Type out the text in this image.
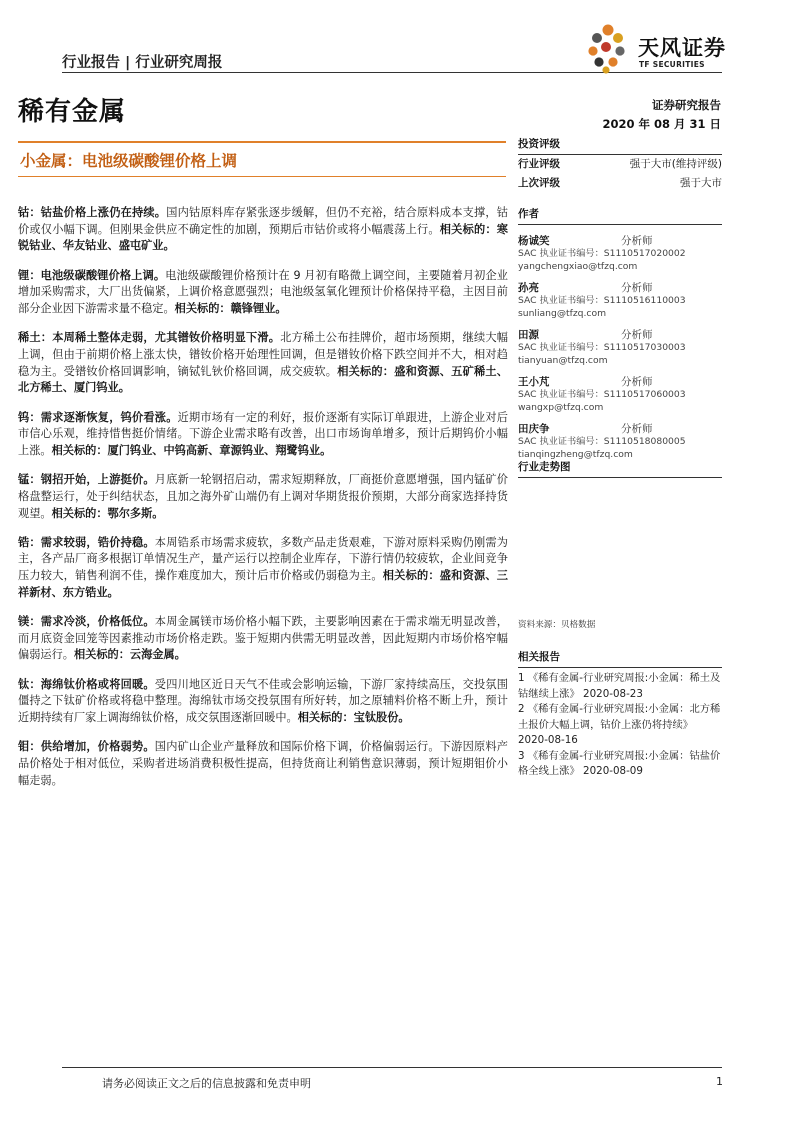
行业报告 | 行业研究周报
稀有金属
天风证券
TF SECURITIES
证券研究报告
2020 年 08 月 31 日
小金属：电池级碳酸锂价格上调

钴：钴盐价格上涨仍在持续。国内钴原料库存紧张逐步缓解，但仍不充裕，结合原料成本支撑，钴价或仅小幅下调。但刚果金供应不确定性的加剧，预期后市钴价或将小幅震荡上行。相关标的：寒锐钴业、华友钴业、盛屯矿业。

锂：电池级碳酸锂价格上调。电池级碳酸锂价格预计在 9 月初有略微上调空间，主要随着月初企业增加采购需求，大厂出货偏紧，上调价格意愿强烈；电池级氢氧化锂预计价格保持平稳，主因目前部分企业因下游需求量不稳定。相关标的：赣锋锂业。

稀土：本周稀土整体走弱，尤其镨钕价格明显下滑。北方稀土公布挂牌价，超市场预期，继续大幅上调，但由于前期价格上涨太快，镨钕价格开始理性回调，但是镨钕价格下跌空间并不大，相对趋稳为主。受镨钕价格回调影响，镝铽钆钬价格回调，成交疲软。相关标的：盛和资源、五矿稀土、北方稀土、厦门钨业。

钨：需求逐渐恢复，钨价看涨。近期市场有一定的利好，报价逐渐有实际订单跟进，上游企业对后市信心乐观，维持惜售挺价情绪。下游企业需求略有改善，出口市场询单增多，预计后期钨价小幅上涨。相关标的：厦门钨业、中钨高新、章源钨业、翔鹭钨业。

锰：钢招开始，上游挺价。月底新一轮钢招启动，需求短期释放，厂商挺价意愿增强，国内锰矿价格盘整运行，处于纠结状态，且加之海外矿山端仍有上调对华期货报价预期，大部分商家选择持货观望。相关标的：鄂尔多斯。

锆：需求较弱，锆价持稳。本周锆系市场需求疲软，多数产品走货艰难，下游对原料采购仍刚需为主，各产品厂商多根据订单情况生产，量产运行以控制企业库存，下游行情仍较疲软，企业间竞争压力较大，销售利润不佳，操作难度加大，预计后市价格或仍弱稳为主。相关标的：盛和资源、三祥新材、东方锆业。

镁：需求冷淡，价格低位。本周金属镁市场价格小幅下跌，主要影响因素在于需求端无明显改善，而月底资金回笼等因素推动市场价格走跌。鉴于短期内供需无明显改善，因此短期内市场价格窄幅偏弱运行。相关标的：云海金属。

钛：海绵钛价格或将回暖。受四川地区近日天气不佳或会影响运输，下游厂家持续高压，交投氛围僵持之下钛矿价格或将稳中整理。海绵钛市场交投氛围有所好转，加之原辅料价格不断上升，预计近期持续有厂家上调海绵钛价格，成交氛围逐渐回暖中。相关标的：宝钛股份。

钼：供给增加，价格弱势。国内矿山企业产量释放和国际价格下调，价格偏弱运行。下游因原料产品价格处于相对低位，采购者进场消费积极性提高，但持货商让利销售意识薄弱，预计短期钼价小幅走弱。

投资评级
行业评级	强于大市(维持评级)
上次评级	强于大市
作者
杨诚笑	分析师
SAC 执业证书编号：S1110517020002
yangchengxiao@tfzq.com
孙亮	分析师
SAC 执业证书编号：S1110516110003
sunliang@tfzq.com
田源	分析师
SAC 执业证书编号：S1110517030003
tianyuan@tfzq.com
王小芃	分析师
SAC 执业证书编号：S1110517060003
wangxp@tfzq.com
田庆争	分析师
SAC 执业证书编号：S1110518080005
tianqingzheng@tfzq.com
行业走势图
资料来源：贝格数据
相关报告
1 《稀有金属-行业研究周报:小金属：稀土及钴继续上涨》 2020-08-23
2 《稀有金属-行业研究周报:小金属：北方稀土报价大幅上调，钴价上涨仍将持续》 2020-08-16
3 《稀有金属-行业研究周报:小金属：钴盐价格全线上涨》 2020-08-09
请务必阅读正文之后的信息披露和免责申明	1
